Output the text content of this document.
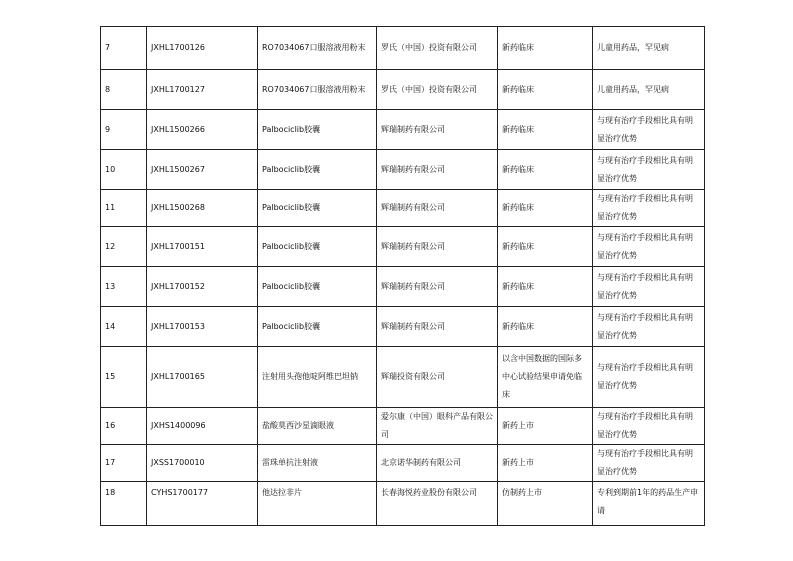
7	JXHL1700126	RO7034067口服溶液用粉末	罗氏（中国）投资有限公司	新药临床	儿童用药品，罕见病
8	JXHL1700127	RO7034067口服溶液用粉末	罗氏（中国）投资有限公司	新药临床	儿童用药品，罕见病
9	JXHL1500266	Palbociclib胶囊	辉瑞制药有限公司	新药临床	与现有治疗手段相比具有明显治疗优势
10	JXHL1500267	Palbociclib胶囊	辉瑞制药有限公司	新药临床	与现有治疗手段相比具有明显治疗优势
11	JXHL1500268	Palbociclib胶囊	辉瑞制药有限公司	新药临床	与现有治疗手段相比具有明显治疗优势
12	JXHL1700151	Palbociclib胶囊	辉瑞制药有限公司	新药临床	与现有治疗手段相比具有明显治疗优势
13	JXHL1700152	Palbociclib胶囊	辉瑞制药有限公司	新药临床	与现有治疗手段相比具有明显治疗优势
14	JXHL1700153	Palbociclib胶囊	辉瑞制药有限公司	新药临床	与现有治疗手段相比具有明显治疗优势
15	JXHL1700165	注射用头孢他啶阿维巴坦钠	辉瑞投资有限公司	以含中国数据的国际多中心试验结果申请免临床	与现有治疗手段相比具有明显治疗优势
16	JXHS1400096	盐酸莫西沙星滴眼液	爱尔康（中国）眼科产品有限公司	新药上市	与现有治疗手段相比具有明显治疗优势
17	JXSS1700010	雷珠单抗注射液	北京诺华制药有限公司	新药上市	与现有治疗手段相比具有明显治疗优势
18	CYHS1700177	他达拉非片	长春海悦药业股份有限公司	仿制药上市	专利到期前1年的药品生产申请
